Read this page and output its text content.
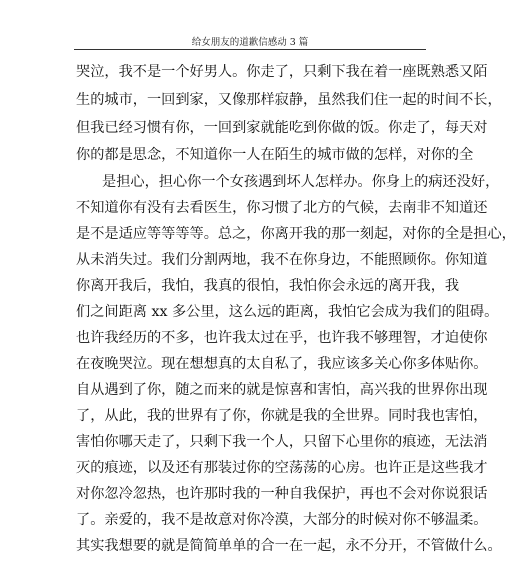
给女朋友的道歉信感动 3 篇
哭泣，我不是一个好男人。你走了，只剩下我在着一座既熟悉又陌
生的城市，一回到家，又像那样寂静，虽然我们住一起的时间不长，
但我已经习惯有你，一回到家就能吃到你做的饭。你走了，每天对
你的都是思念，不知道你一人在陌生的城市做的怎样，对你的全
是担心，担心你一个女孩遇到坏人怎样办。你身上的病还没好，
不知道你有没有去看医生，你习惯了北方的气候，去南非不知道还
是不是适应等等等等。总之，你离开我的那一刻起，对你的全是担心，
从未消失过。我们分割两地，我不在你身边，不能照顾你。你知道
你离开我后，我怕，我真的很怕，我怕你会永远的离开我，我
们之间距离 xx 多公里，这么远的距离，我怕它会成为我们的阻碍。
也许我经历的不多，也许我太过在乎，也许我不够理智，才迫使你
在夜晚哭泣。现在想想真的太自私了，我应该多关心你多体贴你。
自从遇到了你，随之而来的就是惊喜和害怕，高兴我的世界你出现
了，从此，我的世界有了你，你就是我的全世界。同时我也害怕，
害怕你哪天走了，只剩下我一个人，只留下心里你的痕迹，无法消
灭的痕迹，以及还有那装过你的空荡荡的心房。也许正是这些我才
对你忽冷忽热，也许那时我的一种自我保护，再也不会对你说狠话
了。亲爱的，我不是故意对你冷漠，大部分的时候对你不够温柔。
其实我想要的就是简简单单的合一在一起，永不分开，不管做什么。
